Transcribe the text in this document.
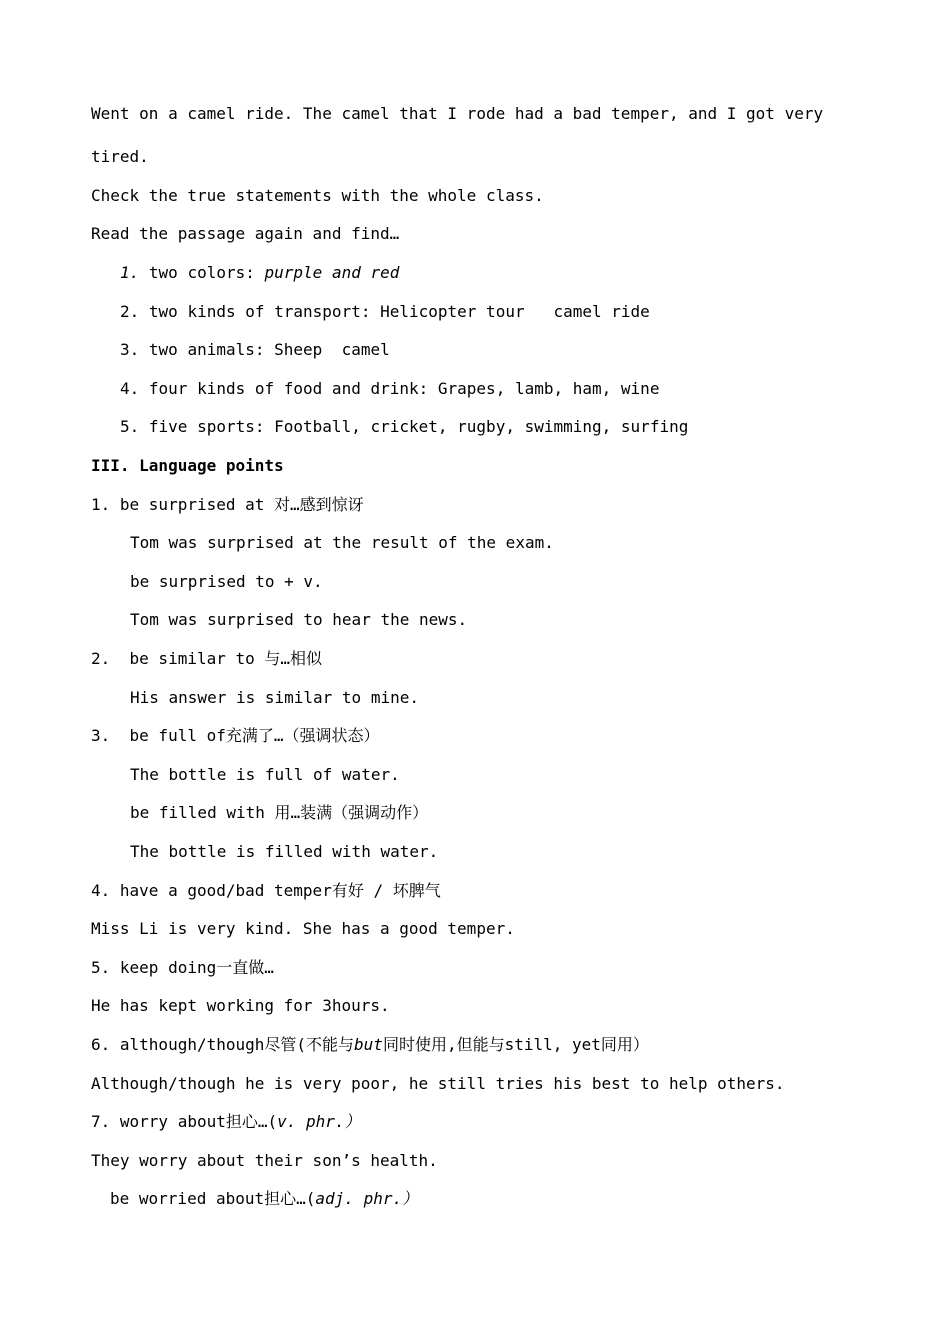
Went on a camel ride. The camel that I rode had a bad temper, and I got very
tired.
Check the true statements with the whole class.
Read the passage again and find…
1. two colors: purple and red
2. two kinds of transport: Helicopter tour   camel ride
3. two animals: Sheep  camel
4. four kinds of food and drink: Grapes, lamb, ham, wine
5. five sports: Football, cricket, rugby, swimming, surfing
III. Language points
1. be surprised at 对…感到惊讶
Tom was surprised at the result of the exam.
be surprised to + v.
Tom was surprised to hear the news.
2.  be similar to 与…相似
His answer is similar to mine.
3.  be full of充满了…（强调状态）
The bottle is full of water.
be filled with 用…装满（强调动作）
The bottle is filled with water.
4. have a good/bad temper有好 / 坏脾气
Miss Li is very kind. She has a good temper.
5. keep doing一直做…
He has kept working for 3hours.
6. although/though尽管(不能与but同时使用,但能与still, yet同用）
Although/though he is very poor, he still tries his best to help others.
7. worry about担心…(v. phr.）
They worry about their son’s health.
be worried about担心…(adj. phr.）
